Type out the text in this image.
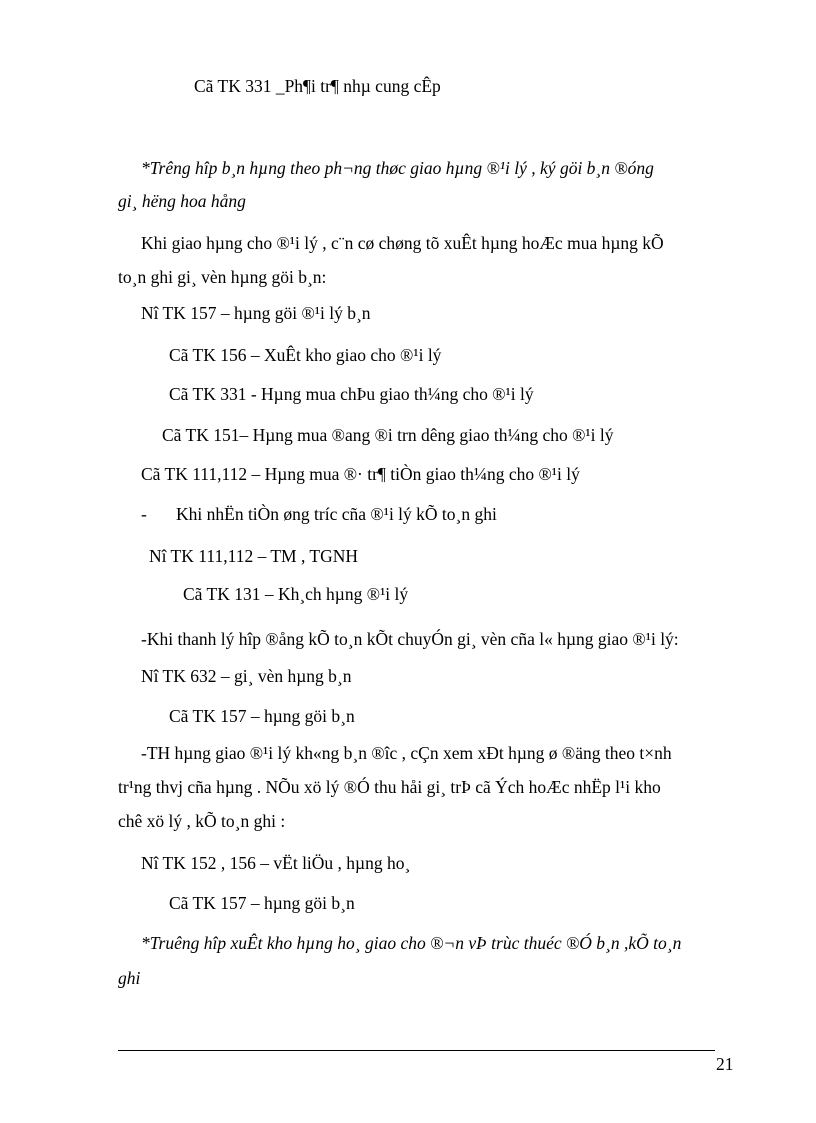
Cã TK 331 _Ph¶i tr¶ nhµ cung cÊp
*Trêng hîp b¸n hµng theo ph¬ng thøc giao hµng ®¹i lý , ký göi b¸n ®óng
gi¸ hëng hoa hång
Khi giao hµng cho ®¹i lý , c¨n cø chøng tõ xuÊt hµng hoÆc mua hµng kÕ
to¸n ghi gi¸ vèn hµng göi b¸n:
Nî TK 157 – hµng göi ®¹i lý b¸n
Cã TK 156 – XuÊt kho giao cho ®¹i lý
Cã TK 331 - Hµng mua chÞu giao th¼ng cho ®¹i lý
Cã TK 151– Hµng mua ®ang ®i trn dêng giao th¼ng cho ®¹i lý
Cã TK 111,112 – Hµng mua ®· tr¶ tiÒn giao th¼ng cho ®¹i lý
- Khi nhËn tiÒn øng tríc cña ®¹i lý kÕ to¸n ghi
Nî TK 111,112 – TM , TGNH
Cã TK 131 – Kh¸ch hµng ®¹i lý
-Khi thanh lý hîp ®ång kÕ to¸n kÕt chuyÓn gi¸ vèn cña l« hµng giao ®¹i lý:
Nî TK 632 – gi¸ vèn hµng b¸n
Cã TK 157 – hµng göi b¸n
-TH hµng giao ®¹i lý kh«ng b¸n ®îc , cÇn xem xÐt hµng ø ®äng theo t×nh
tr¹ng thvj cña hµng . NÕu xö lý ®Ó thu håi gi¸ trÞ cã Ých hoÆc nhËp l¹i kho
chê xö lý , kÕ to¸n ghi :
Nî TK 152 , 156 – vËt liÖu , hµng ho¸
Cã TK 157 – hµng göi b¸n
*Truêng hîp xuÊt kho hµng ho¸ giao cho ®¬n vÞ trùc thuéc ®Ó b¸n ,kÕ to¸n
ghi
21
